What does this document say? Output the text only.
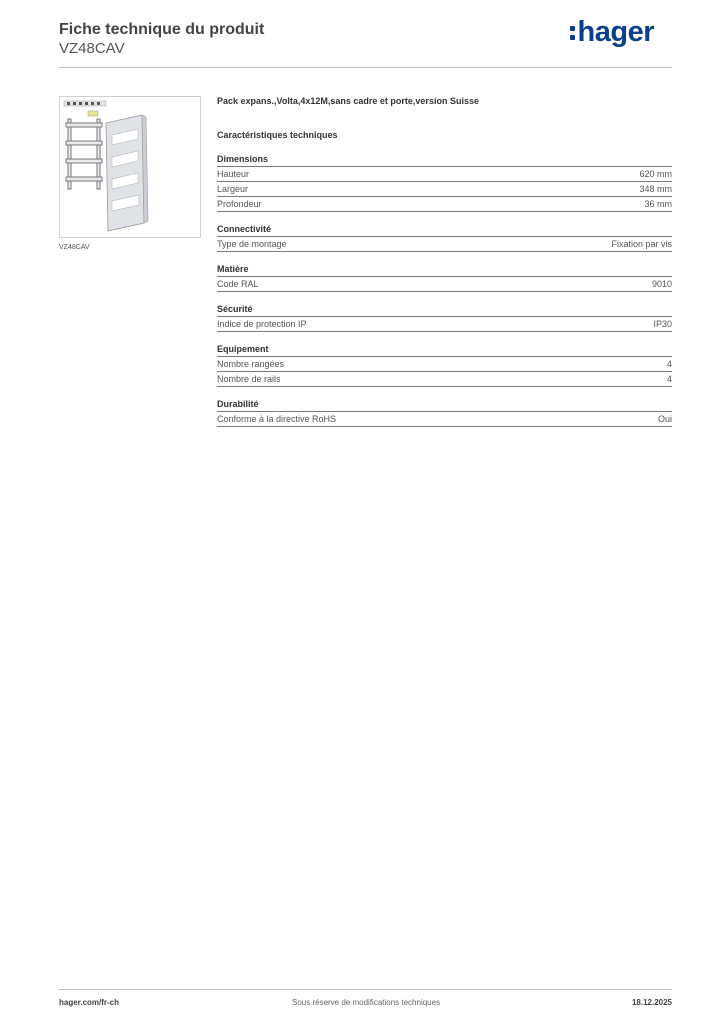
Fiche technique du produit

VZ48CAV

hager
VZ48CAV
Pack expans.,Volta,4x12M,sans cadre et porte,version Suisse
Caractéristiques techniques
Dimensions
Hauteur	620 mm
Largeur	348 mm
Profondeur	36 mm
Connectivité
Type de montage	Fixation par vis
Matière
Code RAL	9010
Sécurité
Indice de protection IP	IP30
Equipement
Nombre rangées	4
Nombre de rails	4
Durabilité
Conforme à la directive RoHS	Oui
hager.com/fr-ch	Sous réserve de modifications techniques	18.12.2025
